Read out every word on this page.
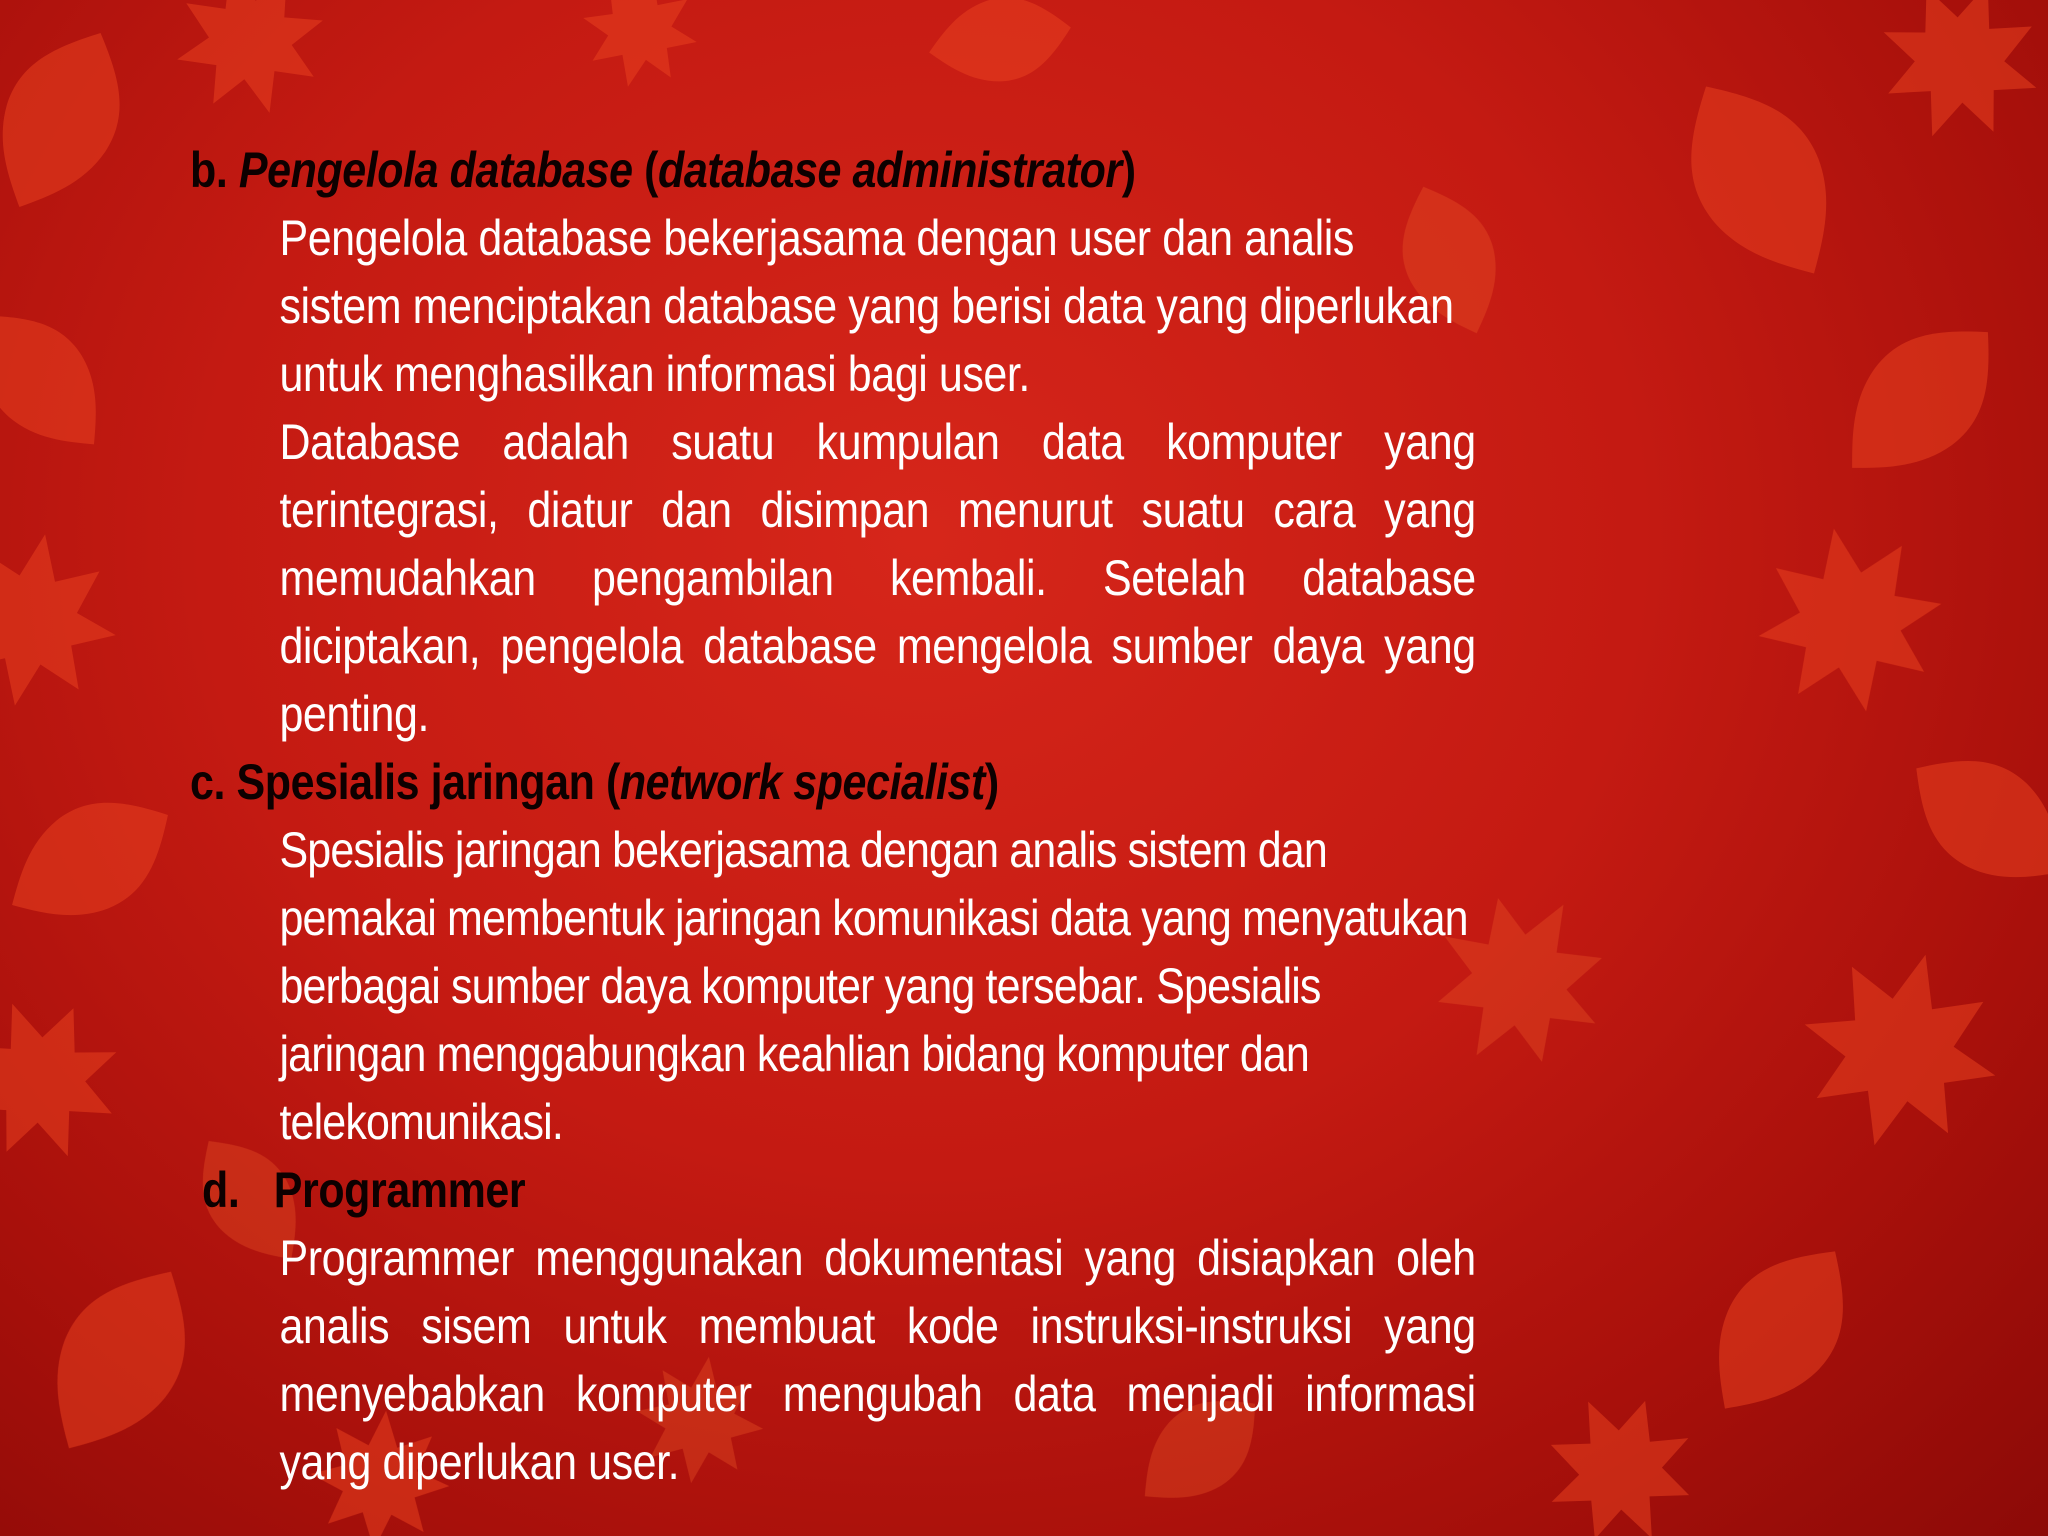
b. Pengelola database (database administrator)
Pengelola database bekerjasama dengan user dan analis sistem menciptakan database yang berisi data yang diperlukan untuk menghasilkan informasi bagi user.
Database adalah suatu kumpulan data komputer yang terintegrasi, diatur dan disimpan menurut suatu cara yang memudahkan pengambilan kembali. Setelah database diciptakan, pengelola database mengelola sumber daya yang penting.
c. Spesialis jaringan (network specialist)
Spesialis jaringan bekerjasama dengan analis sistem dan pemakai membentuk jaringan komunikasi data yang menyatukan berbagai sumber daya komputer yang tersebar. Spesialis jaringan menggabungkan keahlian bidang komputer dan telekomunikasi.
d. Programmer
Programmer menggunakan dokumentasi yang disiapkan oleh analis sisem untuk membuat kode instruksi-instruksi yang menyebabkan komputer mengubah data menjadi informasi yang diperlukan user.
